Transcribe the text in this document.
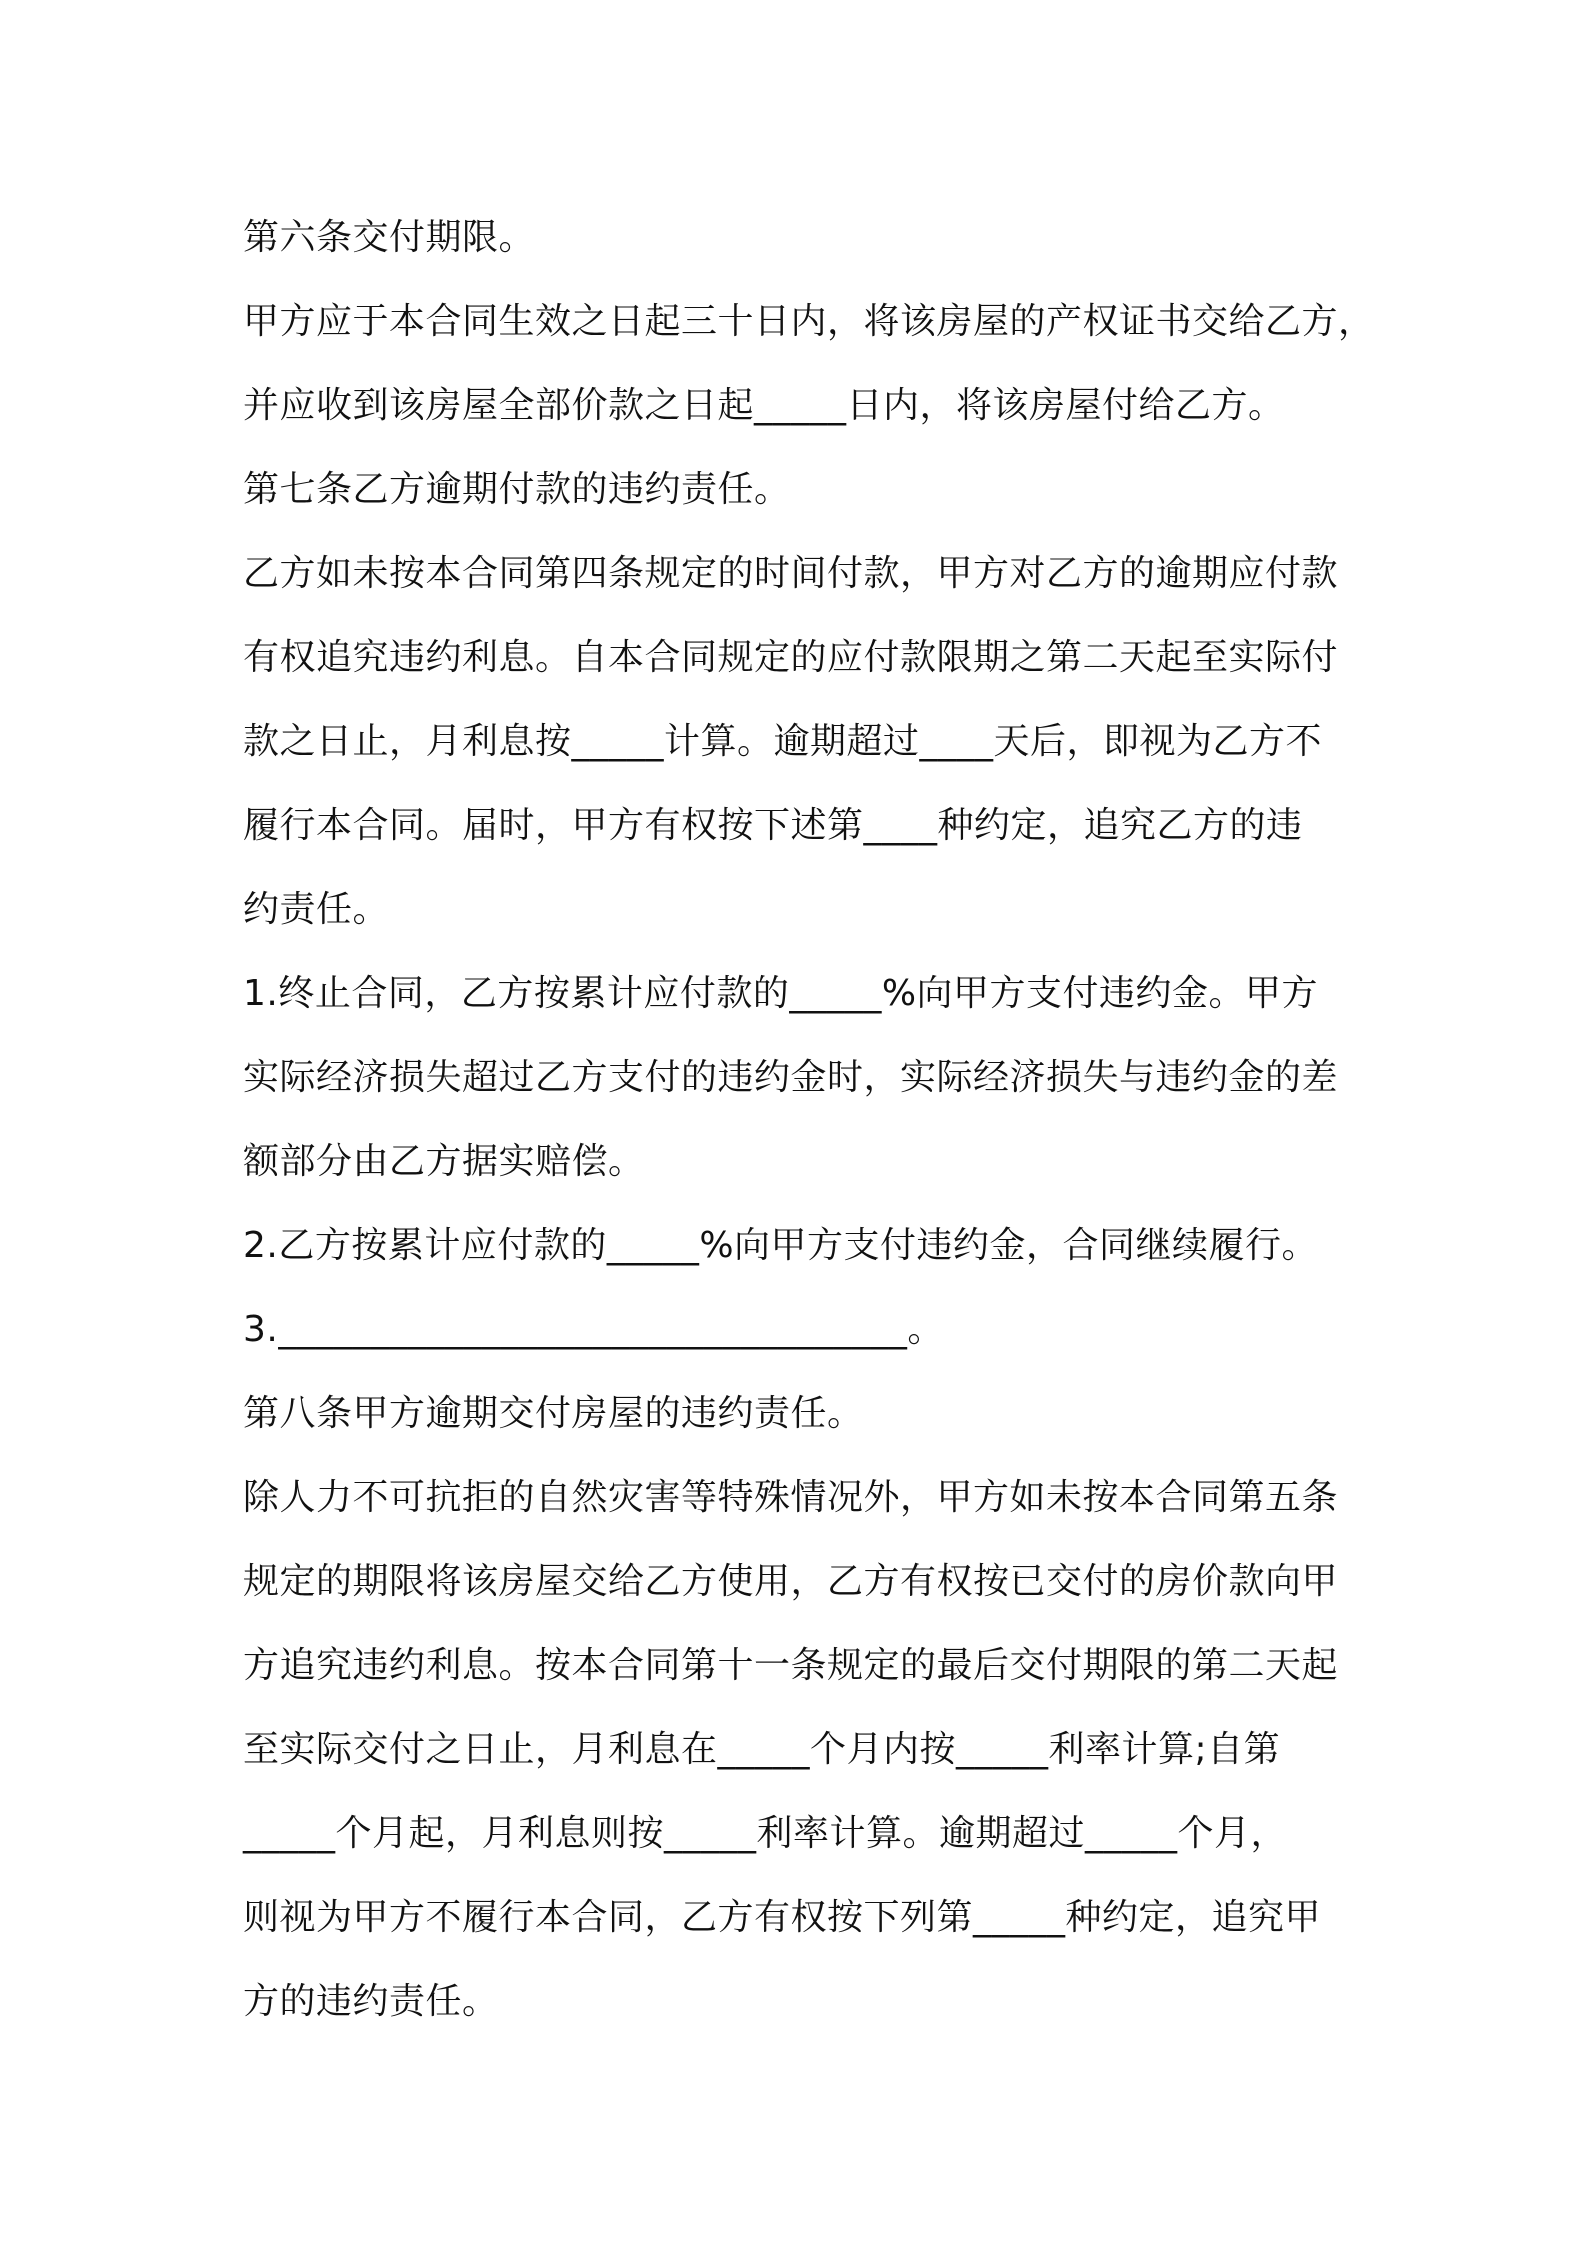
第六条交付期限。
甲方应于本合同生效之日起三十日内，将该房屋的产权证书交给乙方，
并应收到该房屋全部价款之日起_____日内，将该房屋付给乙方。
第七条乙方逾期付款的违约责任。
乙方如未按本合同第四条规定的时间付款，甲方对乙方的逾期应付款
有权追究违约利息。自本合同规定的应付款限期之第二天起至实际付
款之日止，月利息按_____计算。逾期超过____天后，即视为乙方不
履行本合同。届时，甲方有权按下述第____种约定，追究乙方的违
约责任。
1.终止合同，乙方按累计应付款的_____%向甲方支付违约金。甲方
实际经济损失超过乙方支付的违约金时，实际经济损失与违约金的差
额部分由乙方据实赔偿。
2.乙方按累计应付款的_____%向甲方支付违约金，合同继续履行。
3.__________________________________。
第八条甲方逾期交付房屋的违约责任。
除人力不可抗拒的自然灾害等特殊情况外，甲方如未按本合同第五条
规定的期限将该房屋交给乙方使用，乙方有权按已交付的房价款向甲
方追究违约利息。按本合同第十一条规定的最后交付期限的第二天起
至实际交付之日止，月利息在_____个月内按_____利率计算;自第
_____个月起，月利息则按_____利率计算。逾期超过_____个月，
则视为甲方不履行本合同，乙方有权按下列第_____种约定，追究甲
方的违约责任。
